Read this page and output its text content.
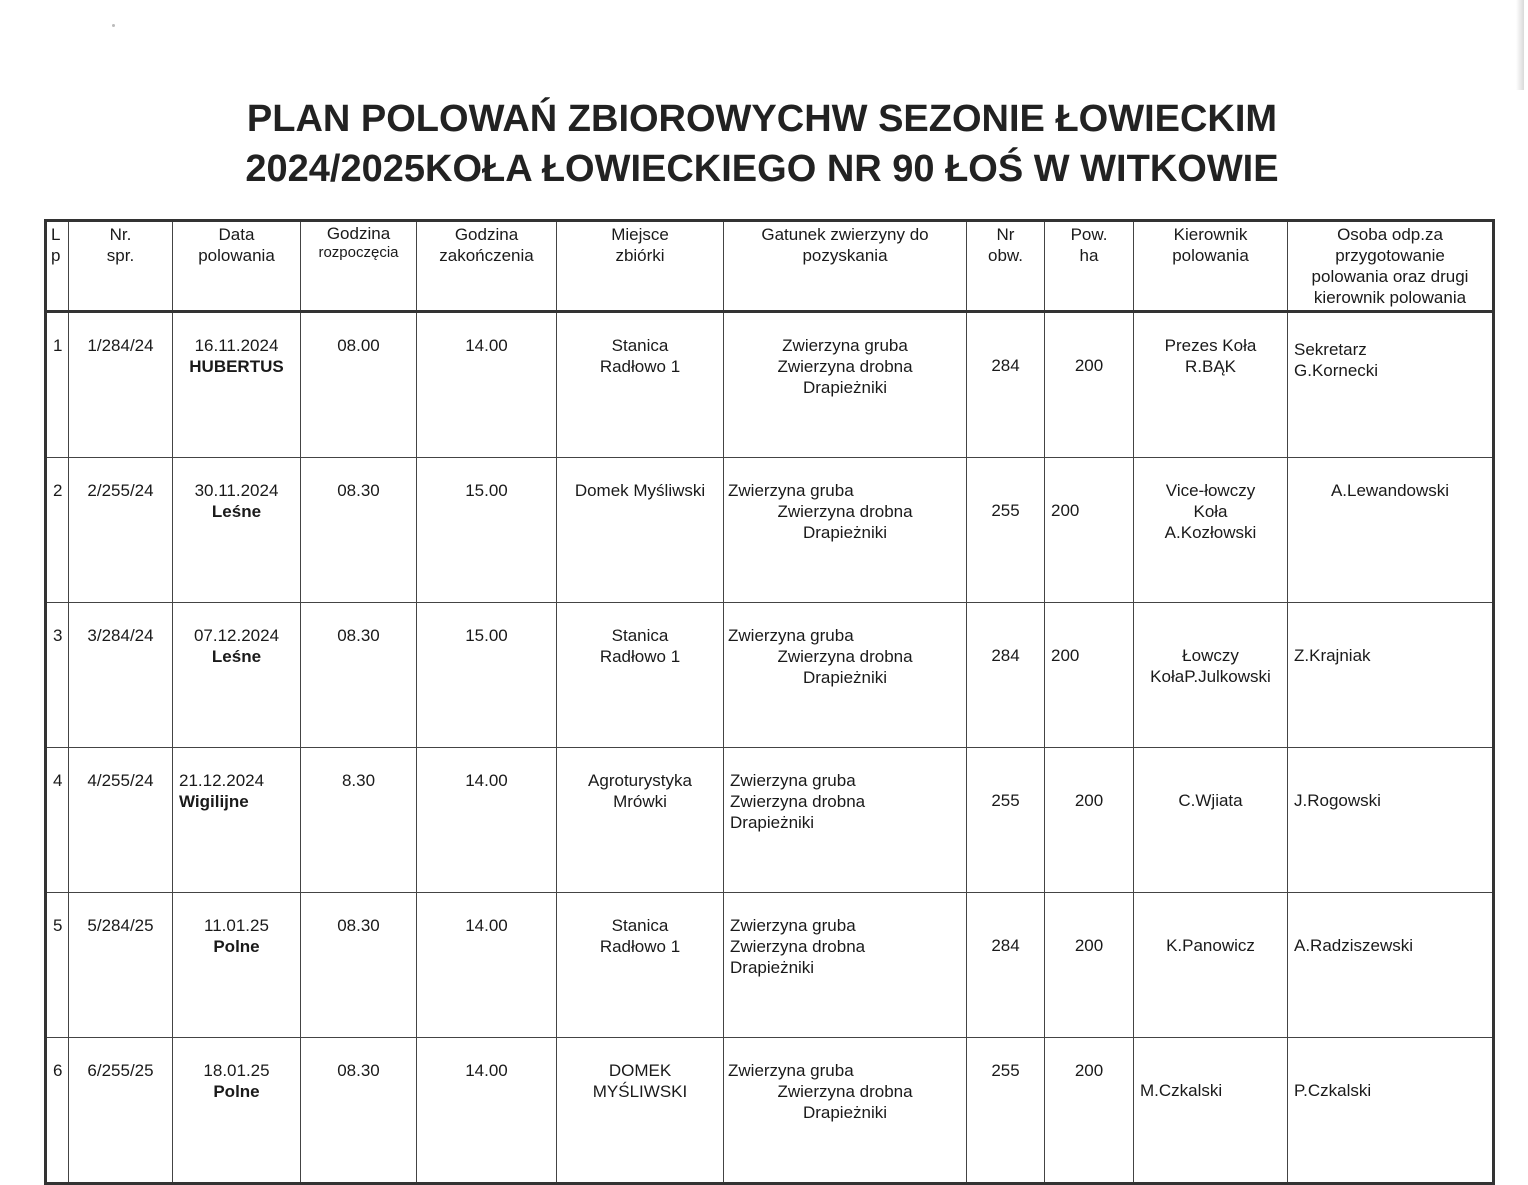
PLAN POLOWAŃ ZBIOROWYCHW SEZONIE ŁOWIECKIM
2024/2025KOŁA ŁOWIECKIEGO NR 90 ŁOŚ W WITKOWIE
L
p	Nr.
spr.	Data
polowania	Godzina
rozpoczęcia	Godzina
zakończenia	Miejsce
zbiórki	Gatunek zwierzyny do
pozyskania	Nr
obw.	Pow.
ha	Kierownik
polowania	Osoba odp.za
przygotowanie
polowania oraz drugi
kierownik polowania

1	1/284/24	16.11.2024
HUBERTUS	08.00	14.00	Stanica
Radłowo 1	Zwierzyna gruba
Zwierzyna drobna
Drapieżniki	284	200	Prezes Koła
R.BĄK	Sekretarz
G.Kornecki

2	2/255/24	30.11.2024
Leśne	08.30	15.00	Domek Myśliwski	Zwierzyna gruba
Zwierzyna drobna
Drapieżniki	255	200	Vice-łowczy
Koła
A.Kozłowski	A.Lewandowski

3	3/284/24	07.12.2024
Leśne	08.30	15.00	Stanica
Radłowo 1	Zwierzyna gruba
Zwierzyna drobna
Drapieżniki	284	200	Łowczy
KołaP.Julkowski	Z.Krajniak

4	4/255/24	21.12.2024
Wigilijne	8.30	14.00	Agroturystyka
Mrówki	Zwierzyna gruba
Zwierzyna drobna
Drapieżniki	255	200	C.Wjiata	J.Rogowski

5	5/284/25	11.01.25
Polne	08.30	14.00	Stanica
Radłowo 1	Zwierzyna gruba
Zwierzyna drobna
Drapieżniki	284	200	K.Panowicz	A.Radziszewski

6	6/255/25	18.01.25
Polne	08.30	14.00	DOMEK
MYŚLIWSKI	Zwierzyna gruba
Zwierzyna drobna
Drapieżniki	255	200	M.Czkalski	P.Czkalski
